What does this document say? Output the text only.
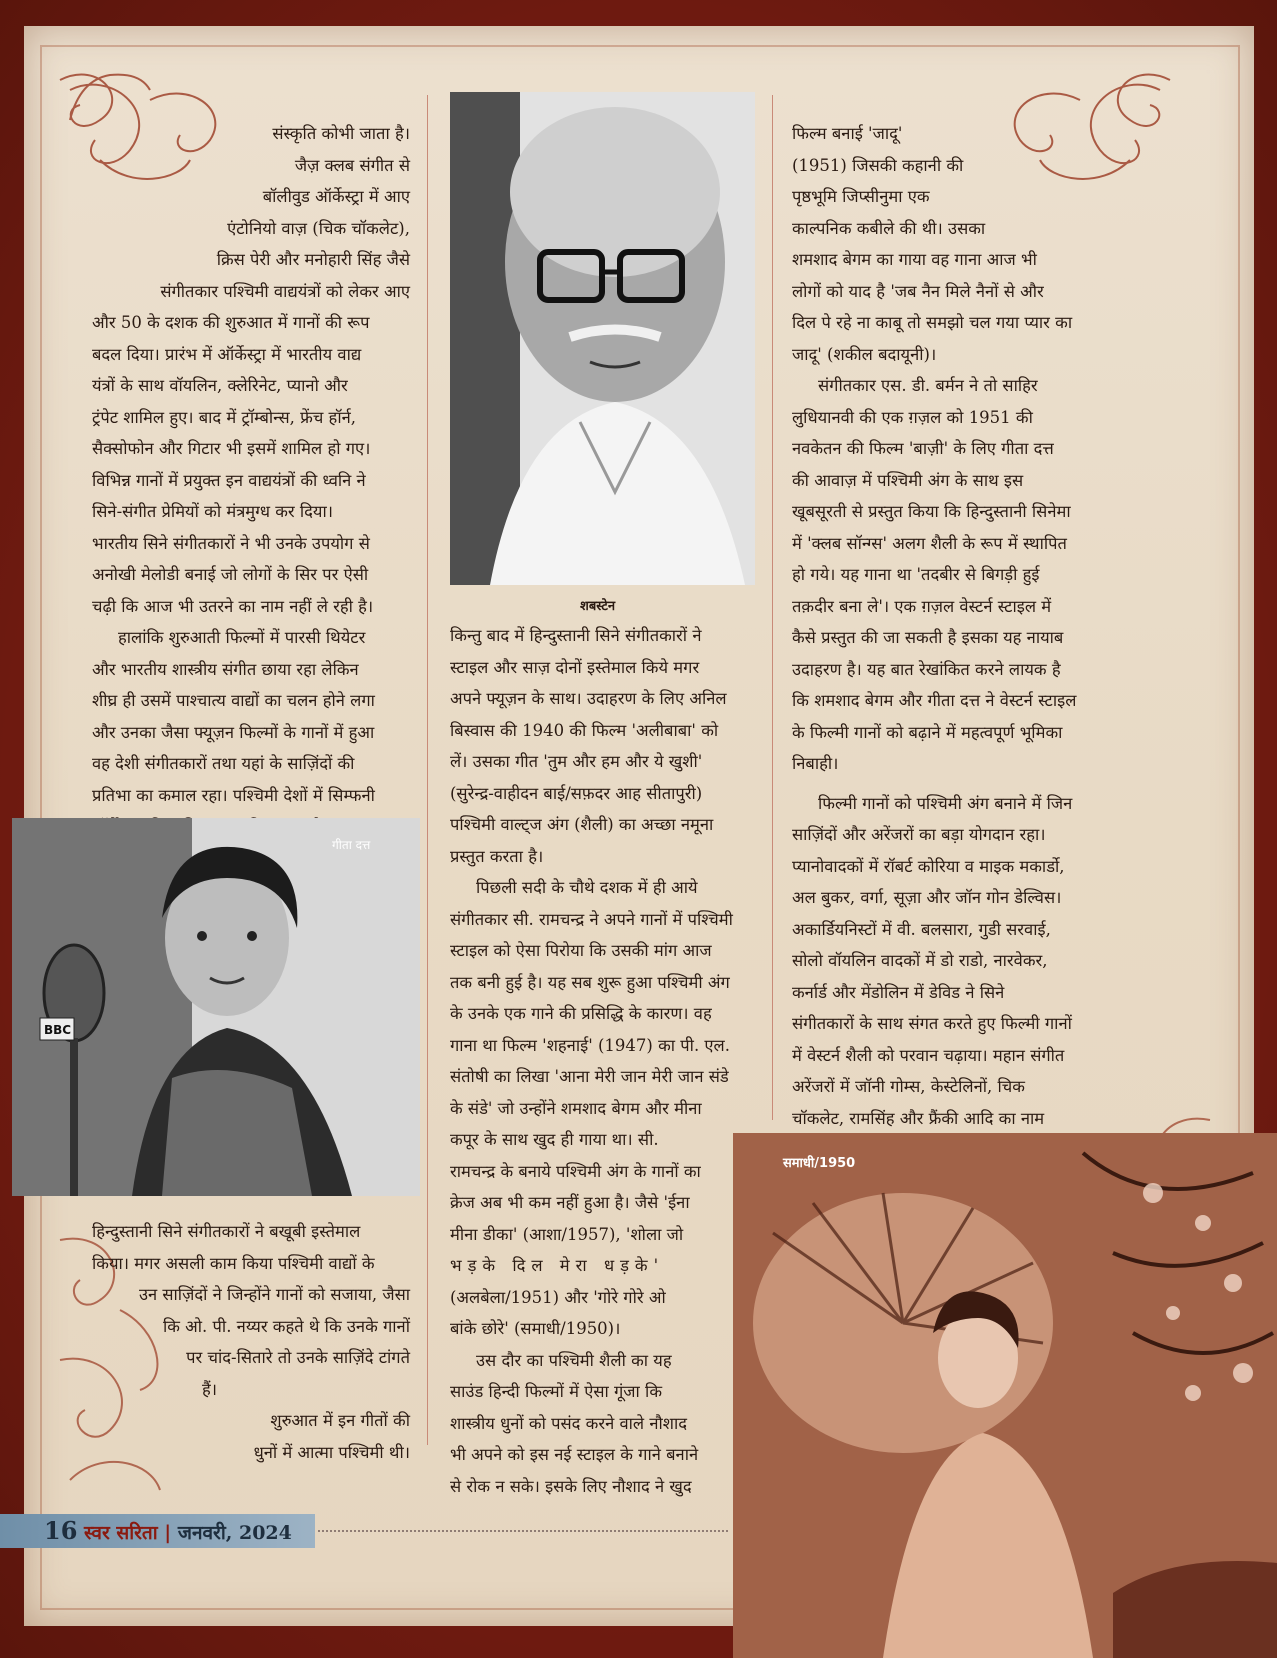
संस्कृति कोभी जाता है।

जैज़ क्लब संगीत से

बॉलीवुड ऑर्केस्ट्रा में आए

एंटोनियो वाज़ (चिक चॉकलेट),

क्रिस पेरी और मनोहारी सिंह जैसे

संगीतकार पश्चिमी वाद्ययंत्रों को लेकर आए

और 50 के दशक की शुरुआत में गानों की रूप

बदल दिया। प्रारंभ में ऑर्केस्ट्रा में भारतीय वाद्य

यंत्रों के साथ वॉयलिन, क्लेरिनेट, प्यानो और

ट्रंपेट शामिल हुए। बाद में ट्रॉम्बोन्स, फ्रेंच हॉर्न,

सैक्सोफोन और गिटार भी इसमें शामिल हो गए।

विभिन्न गानों में प्रयुक्त इन वाद्ययंत्रों की ध्वनि ने

सिने-संगीत प्रेमियों को मंत्रमुग्ध कर दिया।

भारतीय सिने संगीतकारों ने भी उनके उपयोग से

अनोखी मेलोडी बनाई जो लोगों के सिर पर ऐसी

चढ़ी कि आज भी उतरने का नाम नहीं ले रही है।

हालांकि शुरुआती फिल्मों में पारसी थियेटर

और भारतीय शास्त्रीय संगीत छाया रहा लेकिन

शीघ्र ही उसमें पाश्चात्य वाद्यों का चलन होने लगा

और उनका जैसा फ्यूज़न फिल्मों के गानों में हुआ

वह देशी संगीतकारों तथा यहां के साज़िंदों की

प्रतिभा का कमाल रहा। पश्चिमी देशों में सिम्फनी

गीता दत्त
BBC

हिन्दुस्तानी सिने संगीतकारों ने बखूबी इस्तेमाल

किया। मगर असली काम किया पश्चिमी वाद्यों के

उन साज़िंदों ने जिन्होंने गानों को सजाया, जैसा

कि ओ. पी. नय्यर कहते थे कि उनके गानों

पर चांद-सितारे तो उनके साज़िंदे टांगते

हैं।

शुरुआत में इन गीतों की

धुनों में आत्मा पश्चिमी थी।

शबस्टेन

किन्तु बाद में हिन्दुस्तानी सिने संगीतकारों ने

स्टाइल और साज़ दोनों इस्तेमाल किये मगर

अपने फ्यूज़न के साथ। उदाहरण के लिए अनिल

बिस्वास की 1940 की फिल्म 'अलीबाबा' को

लें। उसका गीत 'तुम और हम और ये खुशी'

(सुरेन्द्र-वाहीदन बाई/सफ़दर आह सीतापुरी)

पश्चिमी वाल्ट्ज अंग (शैली) का अच्छा नमूना

प्रस्तुत करता है।

पिछली सदी के चौथे दशक में ही आये

संगीतकार सी. रामचन्द्र ने अपने गानों में पश्चिमी

स्टाइल को ऐसा पिरोया कि उसकी मांग आज

तक बनी हुई है। यह सब शुरू हुआ पश्चिमी अंग

के उनके एक गाने की प्रसिद्धि के कारण। वह

गाना था फिल्म 'शहनाई' (1947) का पी. एल.

संतोषी का लिखा 'आना मेरी जान मेरी जान संडे

के संडे' जो उन्होंने शमशाद बेगम और मीना

कपूर के साथ खुद ही गाया था। सी.

रामचन्द्र के बनाये पश्चिमी अंग के गानों का

क्रेज अब भी कम नहीं हुआ है। जैसे 'ईना

मीना डीका' (आशा/1957), 'शोला जो

भड़के दिल मेरा धड़के'

(अलबेला/1951) और 'गोरे गोरे ओ

बांके छोरे' (समाधी/1950)।

उस दौर का पश्चिमी शैली का यह

साउंड हिन्दी फिल्मों में ऐसा गूंजा कि

शास्त्रीय धुनों को पसंद करने वाले नौशाद

भी अपने को इस नई स्टाइल के गाने बनाने

से रोक न सके। इसके लिए नौशाद ने खुद

फिल्म बनाई 'जादू'

(1951) जिसकी कहानी की

पृष्ठभूमि जिप्सीनुमा एक

काल्पनिक कबीले की थी। उसका

शमशाद बेगम का गाया वह गाना आज भी

लोगों को याद है 'जब नैन मिले नैनों से और

दिल पे रहे ना काबू तो समझो चल गया प्यार का

जादू' (शकील बदायूनी)।

संगीतकार एस. डी. बर्मन ने तो साहिर

लुधियानवी की एक ग़ज़ल को 1951 की

नवकेतन की फिल्म 'बाज़ी' के लिए गीता दत्त

की आवाज़ में पश्चिमी अंग के साथ इस

खूबसूरती से प्रस्तुत किया कि हिन्दुस्तानी सिनेमा

में 'क्लब सॉन्ग्स' अलग शैली के रूप में स्थापित

हो गये। यह गाना था 'तदबीर से बिगड़ी हुई

तक़दीर बना ले'। एक ग़ज़ल वेस्टर्न स्टाइल में

कैसे प्रस्तुत की जा सकती है इसका यह नायाब

उदाहरण है। यह बात रेखांकित करने लायक है

कि शमशाद बेगम और गीता दत्त ने वेस्टर्न स्टाइल

के फिल्मी गानों को बढ़ाने में महत्वपूर्ण भूमिका

निबाही।

फिल्मी गानों को पश्चिमी अंग बनाने में जिन

साज़िंदों और अरेंजरों का बड़ा योगदान रहा।

प्यानोवादकों में रॉबर्ट कोरिया व माइक मकार्डो,

अल बुकर, वर्गा, सूज़ा और जॉन गोन डेल्विस।

अकार्डियनिस्टों में वी. बलसारा, गुडी सरवाई,

सोलो वॉयलिन वादकों में डो राडो, नारवेकर,

कर्नार्ड और मेंडोलिन में डेविड ने सिने

संगीतकारों के साथ संगत करते हुए फिल्मी गानों

में वेस्टर्न शैली को परवान चढ़ाया। महान संगीत

अरेंजरों में जॉनी गोम्स, केस्टेलिनों, चिक

चॉकलेट, रामसिंह और फ्रैंकी आदि का नाम

समाधी/1950
16 स्वर सरिता | जनवरी, 2024
